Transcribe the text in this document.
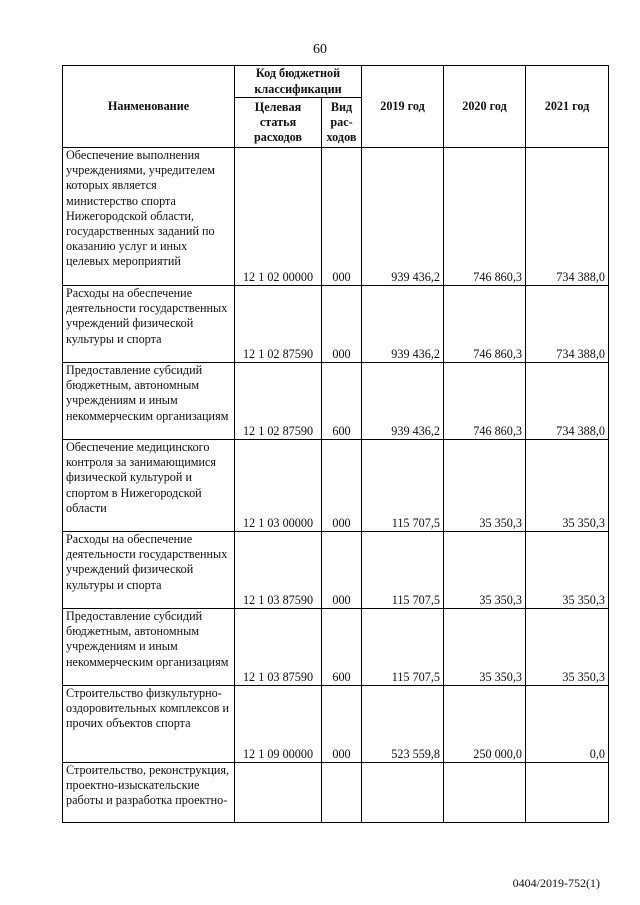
60
Наименование	Код бюджетной классификации		2019 год	2020 год	2021 год
	Целевая статья расходов	Вид рас-ходов			
Обеспечение выполнения учреждениями, учредителем которых является министерство спорта Нижегородской области, государственных заданий по оказанию услуг и иных целевых мероприятий	12 1 02 00000	000	939 436,2	746 860,3	734 388,0
Расходы на обеспечение деятельности государственных учреждений физической культуры и спорта	12 1 02 87590	000	939 436,2	746 860,3	734 388,0
Предоставление субсидий бюджетным, автономным учреждениям и иным некоммерческим организациям	12 1 02 87590	600	939 436,2	746 860,3	734 388,0
Обеспечение медицинского контроля за занимающимися физической культурой и спортом в Нижегородской области	12 1 03 00000	000	115 707,5	35 350,3	35 350,3
Расходы на обеспечение деятельности государственных учреждений физической культуры и спорта	12 1 03 87590	000	115 707,5	35 350,3	35 350,3
Предоставление субсидий бюджетным, автономным учреждениям и иным некоммерческим организациям	12 1 03 87590	600	115 707,5	35 350,3	35 350,3
Строительство физкультурно-оздоровительных комплексов и прочих объектов спорта	12 1 09 00000	000	523 559,8	250 000,0	0,0
Строительство, реконструкция, проектно-изыскательские работы и разработка проектно-					
0404/2019-752(1)
